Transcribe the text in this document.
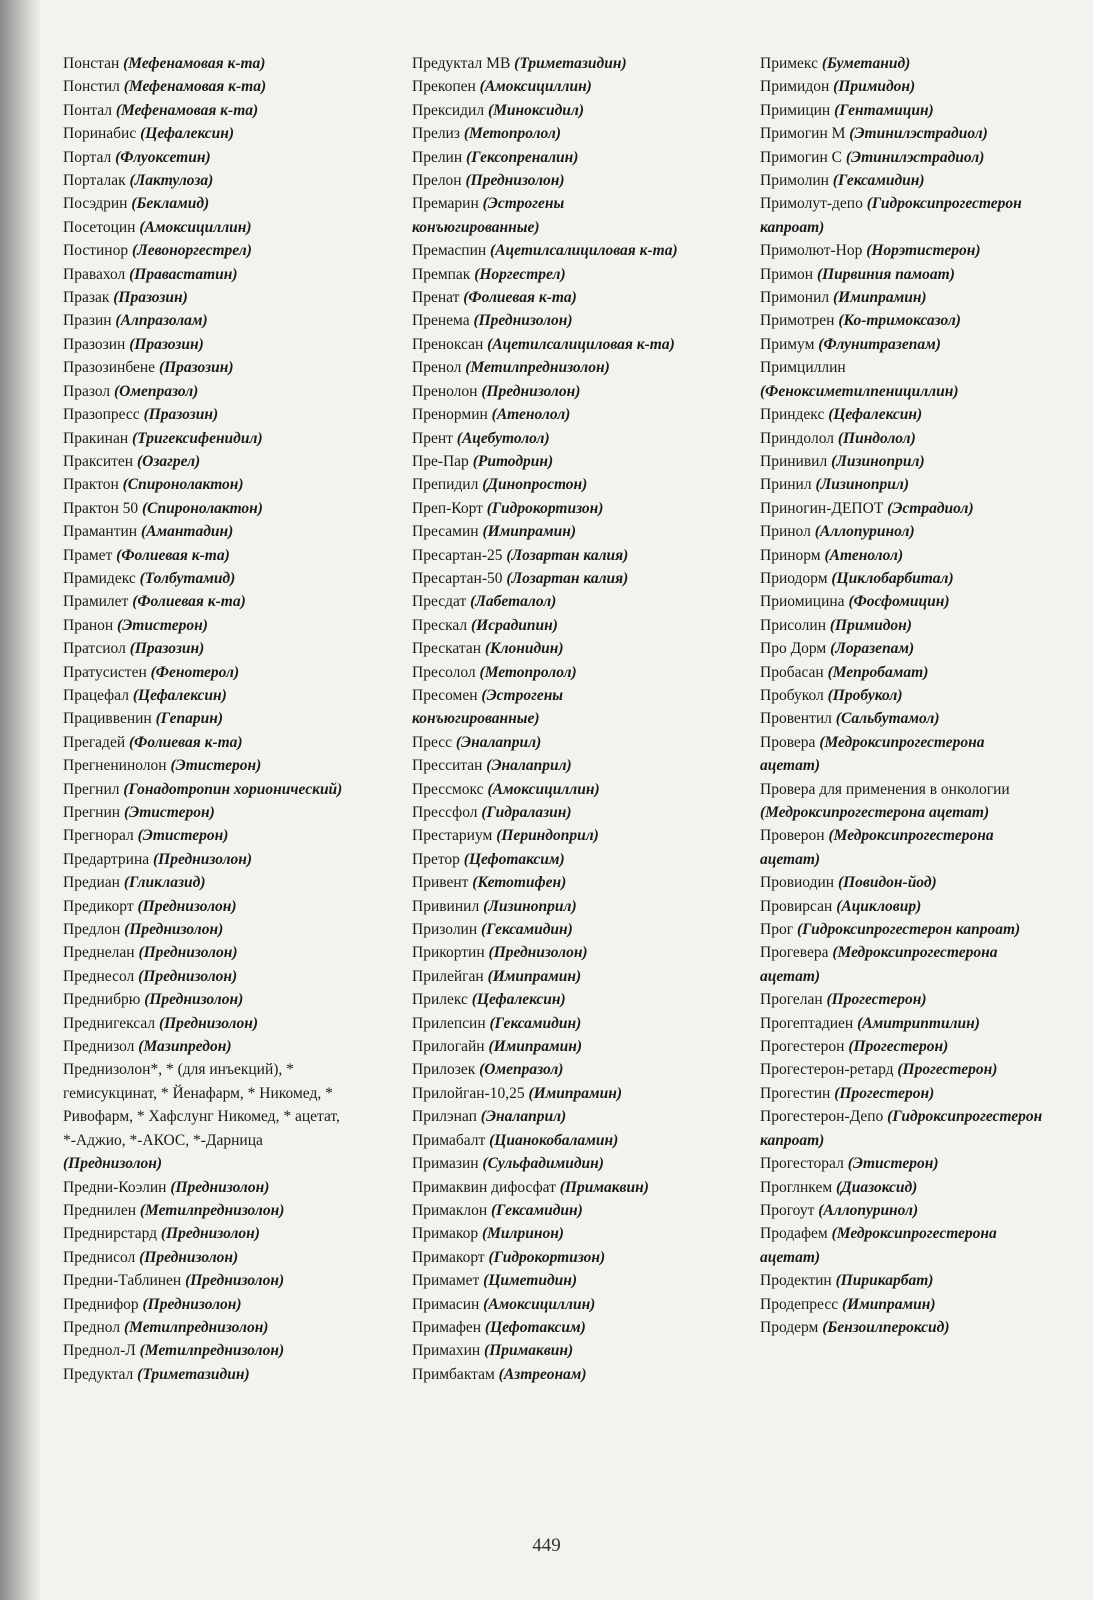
Понстан (Мефенамовая к-та)
Понстил (Мефенамовая к-та)
Понтал (Мефенамовая к-та)
Поринабис (Цефалексин)
Портал (Флуоксетин)
Порталак (Лактулоза)
Посэдрин (Бекламид)
Посетоцин (Амоксициллин)
Постинор (Левоноргестрел)
Правахол (Правастатин)
Празак (Празозин)
Празин (Алпразолам)
Празозин (Празозин)
Празозинбене (Празозин)
Празол (Омепразол)
Празопресс (Празозин)
Пракинан (Тригексифенидил)
Пракситен (Озагрел)
Практон (Спиронолактон)
Практон 50 (Спиронолактон)
Прамантин (Амантадин)
Прамет (Фолиевая к-та)
Прамидекс (Толбутамид)
Прамилет (Фолиевая к-та)
Пранон (Этистерон)
Пратсиол (Празозин)
Пратусистен (Фенотерол)
Працефал (Цефалексин)
Прациввенин (Гепарин)
Прегадей (Фолиевая к-та)
Прегненинолон (Этистерон)
Прегнил (Гонадотропин хорионический)
Прегнин (Этистерон)
Прегнорал (Этистерон)
Предартрина (Преднизолон)
Предиан (Гликлазид)
Предикорт (Преднизолон)
Предлон (Преднизолон)
Преднелан (Преднизолон)
Преднесол (Преднизолон)
Преднибрю (Преднизолон)
Преднигексал (Преднизолон)
Преднизол (Мазипредон)
Преднизолон*, * (для инъекций), * гемисукцинат, * Йенафарм, * Никомед, * Ривофарм, * Хафслунг Никомед, * ацетат, *-Аджио, *-АКОС, *-Дарница (Преднизолон)
Предни-Коэлин (Преднизолон)
Преднилен (Метилпреднизолон)
Преднирстард (Преднизолон)
Преднисол (Преднизолон)
Предни-Таблинен (Преднизолон)
Преднифор (Преднизолон)
Преднол (Метилпреднизолон)
Преднол-Л (Метилпреднизолон)
Предуктал (Триметазидин)
Предуктал МВ (Триметазидин)
Прекопен (Амоксициллин)
Прексидил (Миноксидил)
Прелиз (Метопролол)
Прелин (Гексопреналин)
Прелон (Преднизолон)
Премарин (Эстрогены конъюгированные)
Премаспин (Ацетилсалициловая к-та)
Премпак (Норгестрел)
Пренат (Фолиевая к-та)
Пренема (Преднизолон)
Преноксан (Ацетилсалициловая к-та)
Пренол (Метилпреднизолон)
Пренолон (Преднизолон)
Пренормин (Атенолол)
Прент (Ацебутолол)
Пре-Пар (Ритодрин)
Препидил (Динопростон)
Преп-Корт (Гидрокортизон)
Пресамин (Имипрамин)
Пресартан-25 (Лозартан калия)
Пресартан-50 (Лозартан калия)
Пресдат (Лабеталол)
Прескал (Исрадипин)
Прескатан (Клонидин)
Пресолол (Метопролол)
Пресомен (Эстрогены конъюгированные)
Пресс (Эналаприл)
Пресситан (Эналаприл)
Прессмокс (Амоксициллин)
Прессфол (Гидралазин)
Престариум (Периндоприл)
Претор (Цефотаксим)
Привент (Кетотифен)
Привинил (Лизиноприл)
Призолин (Гексамидин)
Прикортин (Преднизолон)
Прилейган (Имипрамин)
Прилекс (Цефалексин)
Прилепсин (Гексамидин)
Прилогайн (Имипрамин)
Прилозек (Омепразол)
Прилойган-10,25 (Имипрамин)
Прилэнап (Эналаприл)
Примабалт (Цианокобаламин)
Примазин (Сульфадимидин)
Примаквин дифосфат (Примаквин)
Примаклон (Гексамидин)
Примакор (Милринон)
Примакорт (Гидрокортизон)
Примамет (Циметидин)
Примасин (Амоксициллин)
Примафен (Цефотаксим)
Примахин (Примаквин)
Примбактам (Азтреонам)
Примекс (Буметанид)
Примидон (Примидон)
Примицин (Гентамицин)
Примогин М (Этинилэстрадиол)
Примогин С (Этинилэстрадиол)
Примолин (Гексамидин)
Примолут-депо (Гидроксипрогестерон капроат)
Примолют-Нор (Норэтистерон)
Примон (Пирвиния памоат)
Примонил (Имипрамин)
Примотрен (Ко-тримоксазол)
Примум (Флунитразепам)
Примциллин (Феноксиметилпенициллин)
Приндекс (Цефалексин)
Приндолол (Пиндолол)
Принивил (Лизиноприл)
Принил (Лизиноприл)
Приногин-ДЕПОТ (Эстрадиол)
Принол (Аллопуринол)
Принорм (Атенолол)
Приодорм (Циклобарбитал)
Приомицина (Фосфомицин)
Присолин (Примидон)
Про Дорм (Лоразепам)
Пробасан (Мепробамат)
Пробукол (Пробукол)
Провентил (Сальбутамол)
Проверa (Медроксипрогестерона ацетат)
Провера для применения в онкологии (Медроксипрогестерона ацетат)
Проверон (Медроксипрогестерона ацетат)
Провиодин (Повидон-йод)
Провирсан (Ацикловир)
Прог (Гидроксипрогестерон капроат)
Прогевера (Медроксипрогестерона ацетат)
Прогелан (Прогестерон)
Прогептадиен (Амитриптилин)
Прогестерон (Прогестерон)
Прогестерон-ретард (Прогестерон)
Прогестин (Прогестерон)
Прогестерон-Депо (Гидроксипрогестерон капроат)
Прогесторал (Этистерон)
Проглнкем (Диазоксид)
Прогоут (Аллопуринол)
Продафем (Медроксипрогестерона ацетат)
Продектин (Пирикарбат)
Продепресс (Имипрамин)
Продерм (Бензоилпероксид)
449
